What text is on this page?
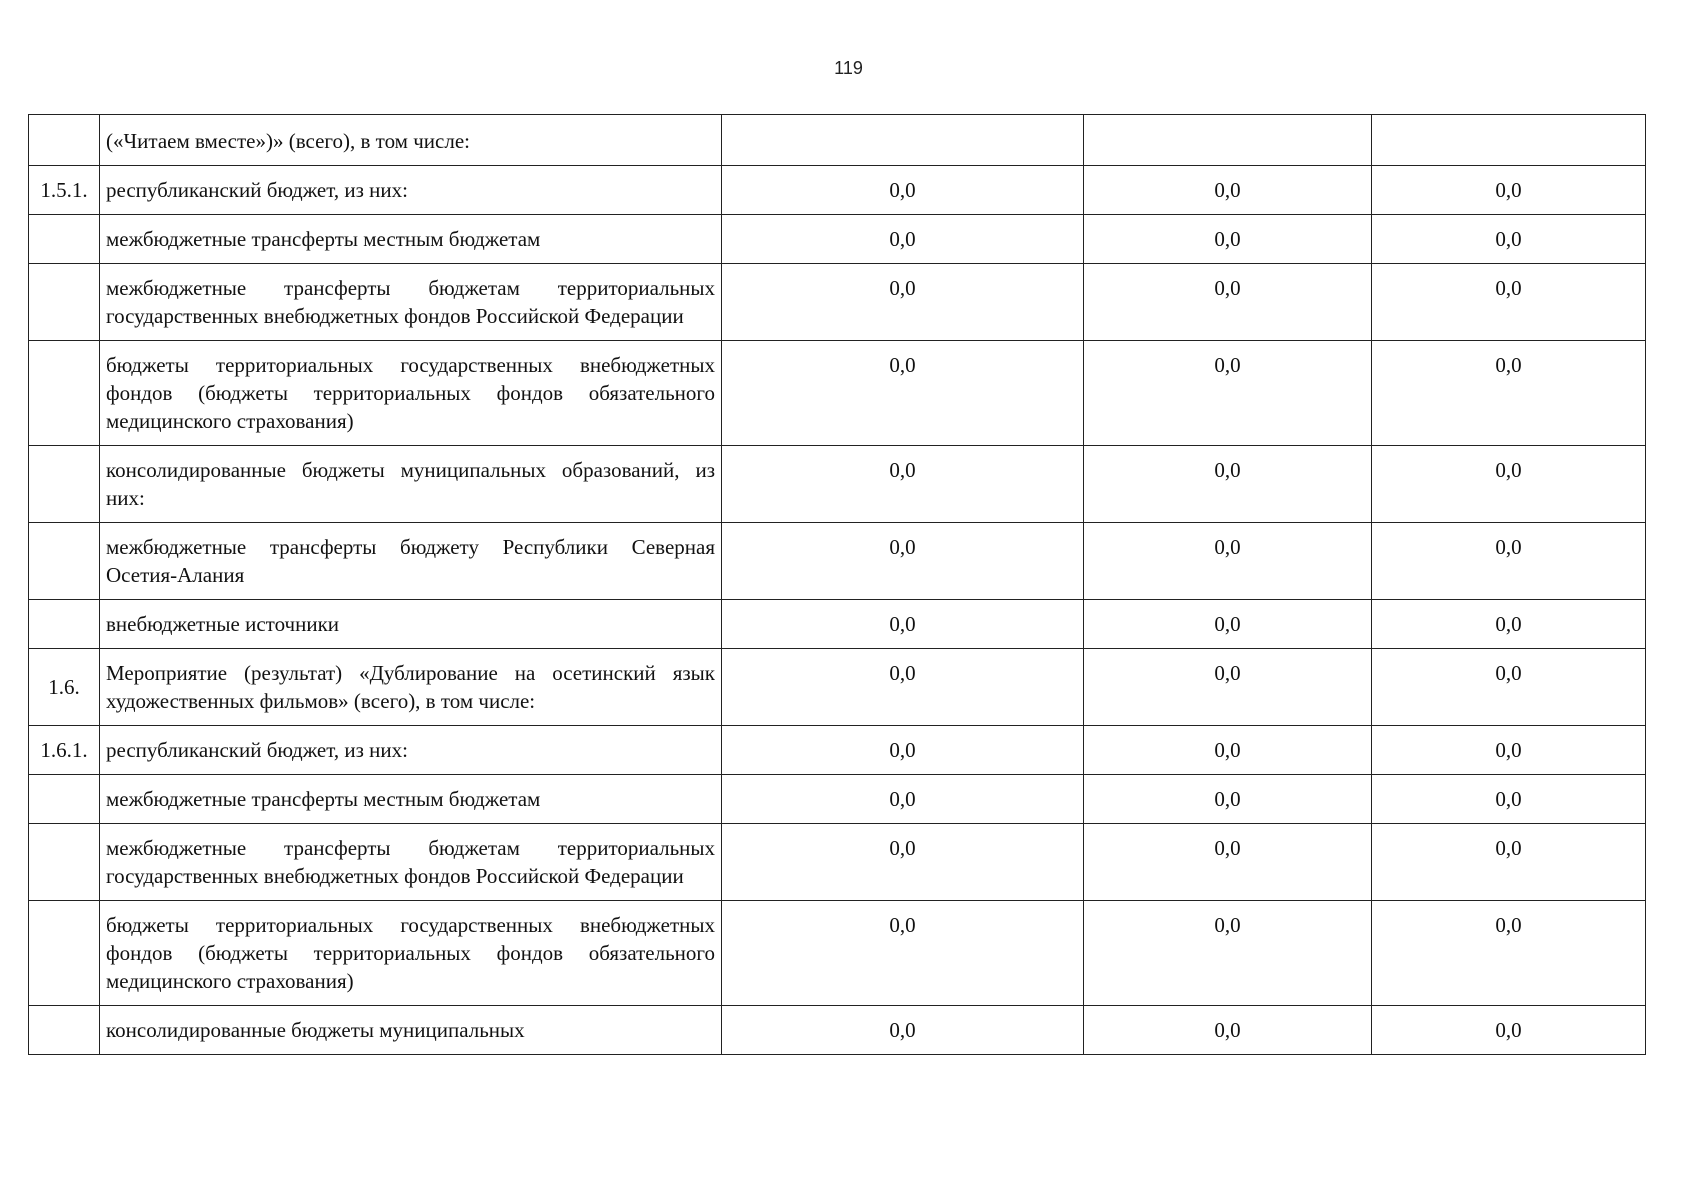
119
	(«Читаем вместе»)» (всего), в том числе:			
1.5.1.	республиканский бюджет, из них:	0,0	0,0	0,0
	межбюджетные трансферты местным бюджетам	0,0	0,0	0,0
	межбюджетные трансферты бюджетам территориальных государственных внебюджетных фондов Российской Федерации	0,0	0,0	0,0
	бюджеты территориальных государственных внебюджетных фондов (бюджеты территориальных фондов обязательного медицинского страхования)	0,0	0,0	0,0
	консолидированные бюджеты муниципальных образований, из них:	0,0	0,0	0,0
	межбюджетные трансферты бюджету Республики Северная Осетия-Алания	0,0	0,0	0,0
	внебюджетные источники	0,0	0,0	0,0
1.6.	Мероприятие (результат) «Дублирование на осетинский язык художественных фильмов» (всего), в том числе:	0,0	0,0	0,0
1.6.1.	республиканский бюджет, из них:	0,0	0,0	0,0
	межбюджетные трансферты местным бюджетам	0,0	0,0	0,0
	межбюджетные трансферты бюджетам территориальных государственных внебюджетных фондов Российской Федерации	0,0	0,0	0,0
	бюджеты территориальных государственных внебюджетных фондов (бюджеты территориальных фондов обязательного медицинского страхования)	0,0	0,0	0,0
	консолидированные бюджеты муниципальных	0,0	0,0	0,0
